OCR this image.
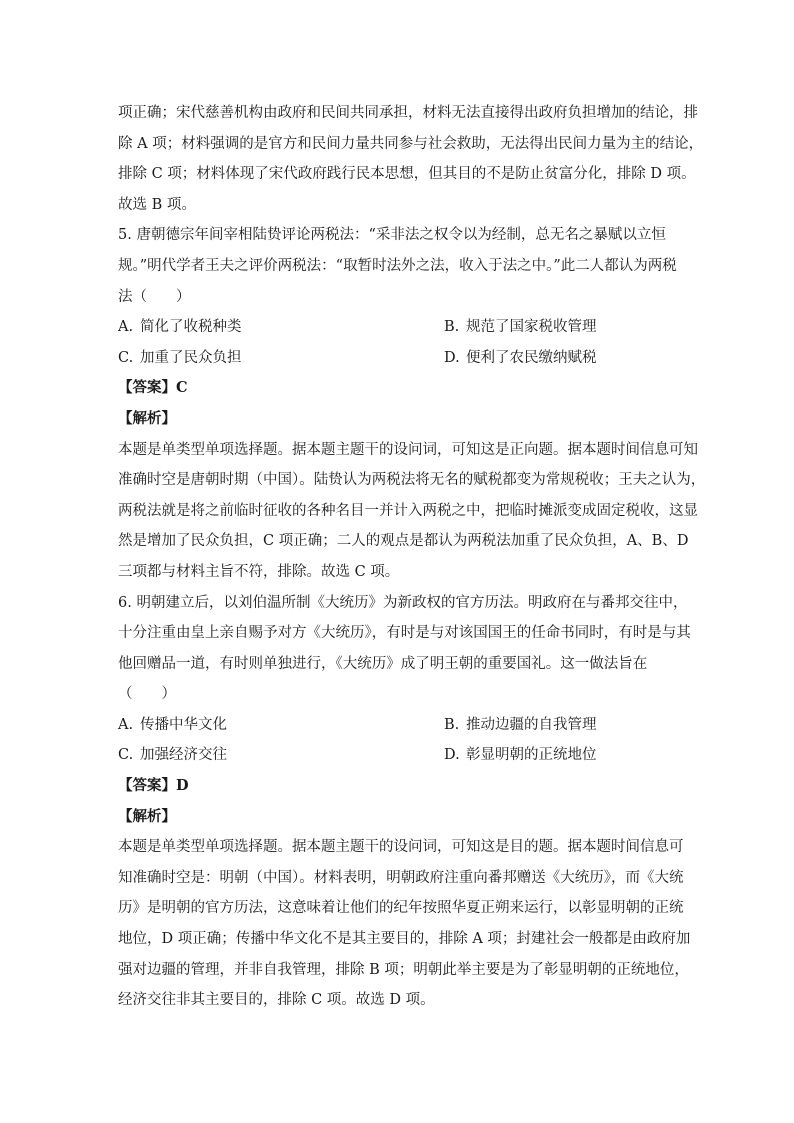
项正确；宋代慈善机构由政府和民间共同承担，材料无法直接得出政府负担增加的结论，排
除 A 项；材料强调的是官方和民间力量共同参与社会救助，无法得出民间力量为主的结论，
排除 C 项；材料体现了宋代政府践行民本思想，但其目的不是防止贫富分化，排除 D 项。
故选 B 项。
5. 唐朝德宗年间宰相陆贽评论两税法：“采非法之权令以为经制，总无名之暴赋以立恒
规。”明代学者王夫之评价两税法：“取暂时法外之法，收入于法之中。”此二人都认为两税
法（　　）
A. 简化了收税种类	B. 规范了国家税收管理
C. 加重了民众负担	D. 便利了农民缴纳赋税
【答案】C
【解析】
本题是单类型单项选择题。据本题主题干的设问词，可知这是正向题。据本题时间信息可知
准确时空是唐朝时期（中国）。陆贽认为两税法将无名的赋税都变为常规税收；王夫之认为，
两税法就是将之前临时征收的各种名目一并计入两税之中，把临时摊派变成固定税收，这显
然是增加了民众负担，C 项正确；二人的观点是都认为两税法加重了民众负担，A、B、D
三项都与材料主旨不符，排除。故选 C 项。
6. 明朝建立后，以刘伯温所制《大统历》为新政权的官方历法。明政府在与番邦交往中，
十分注重由皇上亲自赐予对方《大统历》，有时是与对该国国王的任命书同时，有时是与其
他回赠品一道，有时则单独进行，《大统历》成了明王朝的重要国礼。这一做法旨在
（　　）
A. 传播中华文化	B. 推动边疆的自我管理
C. 加强经济交往	D. 彰显明朝的正统地位
【答案】D
【解析】
本题是单类型单项选择题。据本题主题干的设问词，可知这是目的题。据本题时间信息可
知准确时空是：明朝（中国）。材料表明，明朝政府注重向番邦赠送《大统历》，而《大统
历》是明朝的官方历法，这意味着让他们的纪年按照华夏正朔来运行，以彰显明朝的正统
地位，D 项正确；传播中华文化不是其主要目的，排除 A 项；封建社会一般都是由政府加
强对边疆的管理，并非自我管理，排除 B 项；明朝此举主要是为了彰显明朝的正统地位，
经济交往非其主要目的，排除 C 项。故选 D 项。
